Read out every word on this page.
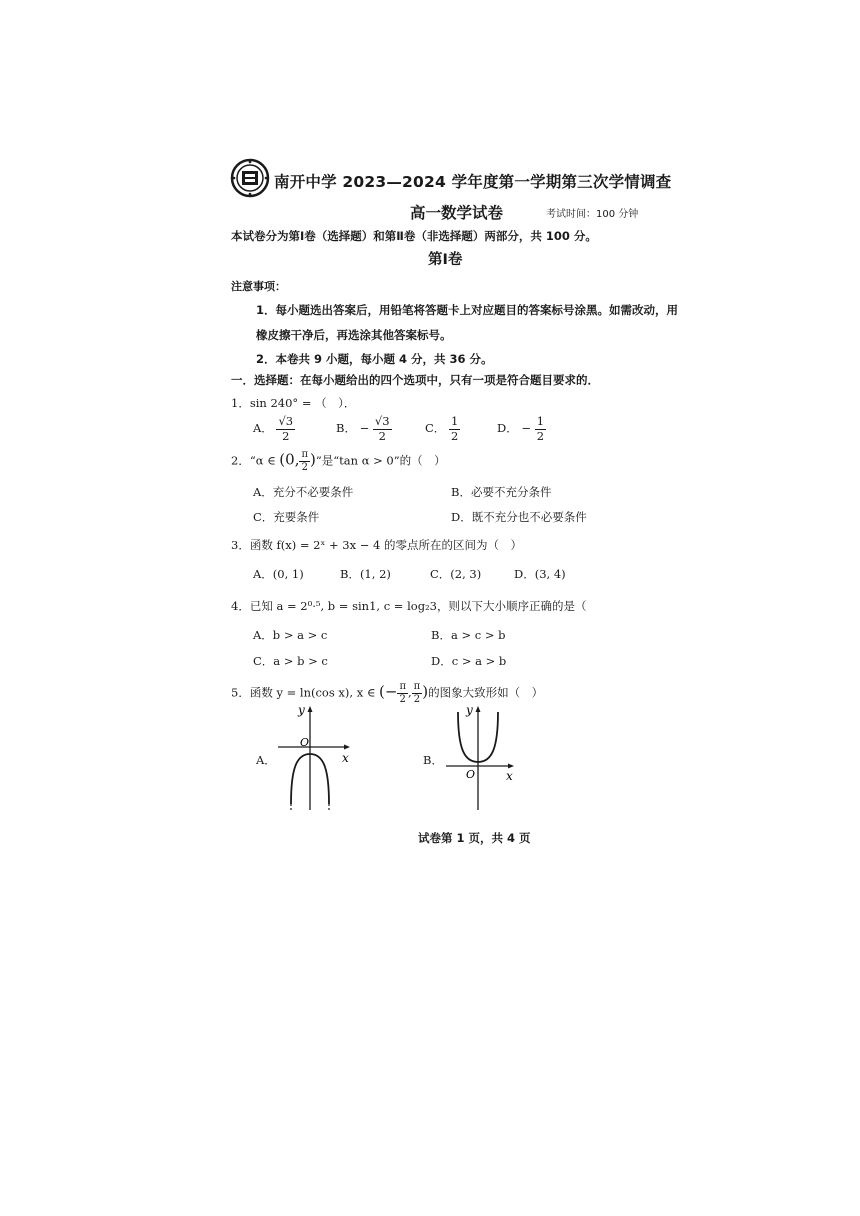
南开中学 2023—2024 学年度第一学期第三次学情调查
高一数学试卷	考试时间：100 分钟
本试卷分为第Ⅰ卷（选择题）和第Ⅱ卷（非选择题）两部分，共 100 分。
第Ⅰ卷
注意事项：
1．每小题选出答案后，用铅笔将答题卡上对应题目的答案标号涂黑。如需改动，用
橡皮擦干净后，再选涂其他答案标号。
2．本卷共 9 小题，每小题 4 分，共 36 分。
一．选择题：在每小题给出的四个选项中，只有一项是符合题目要求的．
1．sin 240° = （　）．
A． $\frac{√3}{2}$	B． − $\frac{√3}{2}$	C． $\frac{1}{2}$	D． − $\frac{1}{2}$
2．“α ∈ (0, $\frac{\pi}{2}$ )”是“tan α > 0”的（　）
A．充分不必要条件	B．必要不充分条件
C．充要条件	D．既不充分也不必要条件
3．函数 f(x) = 2ˣ + 3x − 4 的零点所在的区间为（　）
A．(0, 1)	B．(1, 2)	C．(2, 3)	D．(3, 4)
4．已知 a = 2⁰·⁵, b = sin1, c = log₂3，则以下大小顺序正确的是（
A．b > a > c	B．a > c > b
C．a > b > c	D．c > a > b
5．函数 y = ln(cos x), x ∈ (− $\frac{\pi}{2}$ , $\frac{\pi}{2}$ )的图象大致形如（　）
A．
y
x
O
B．
y
x
O
试卷第 1 页，共 4 页
